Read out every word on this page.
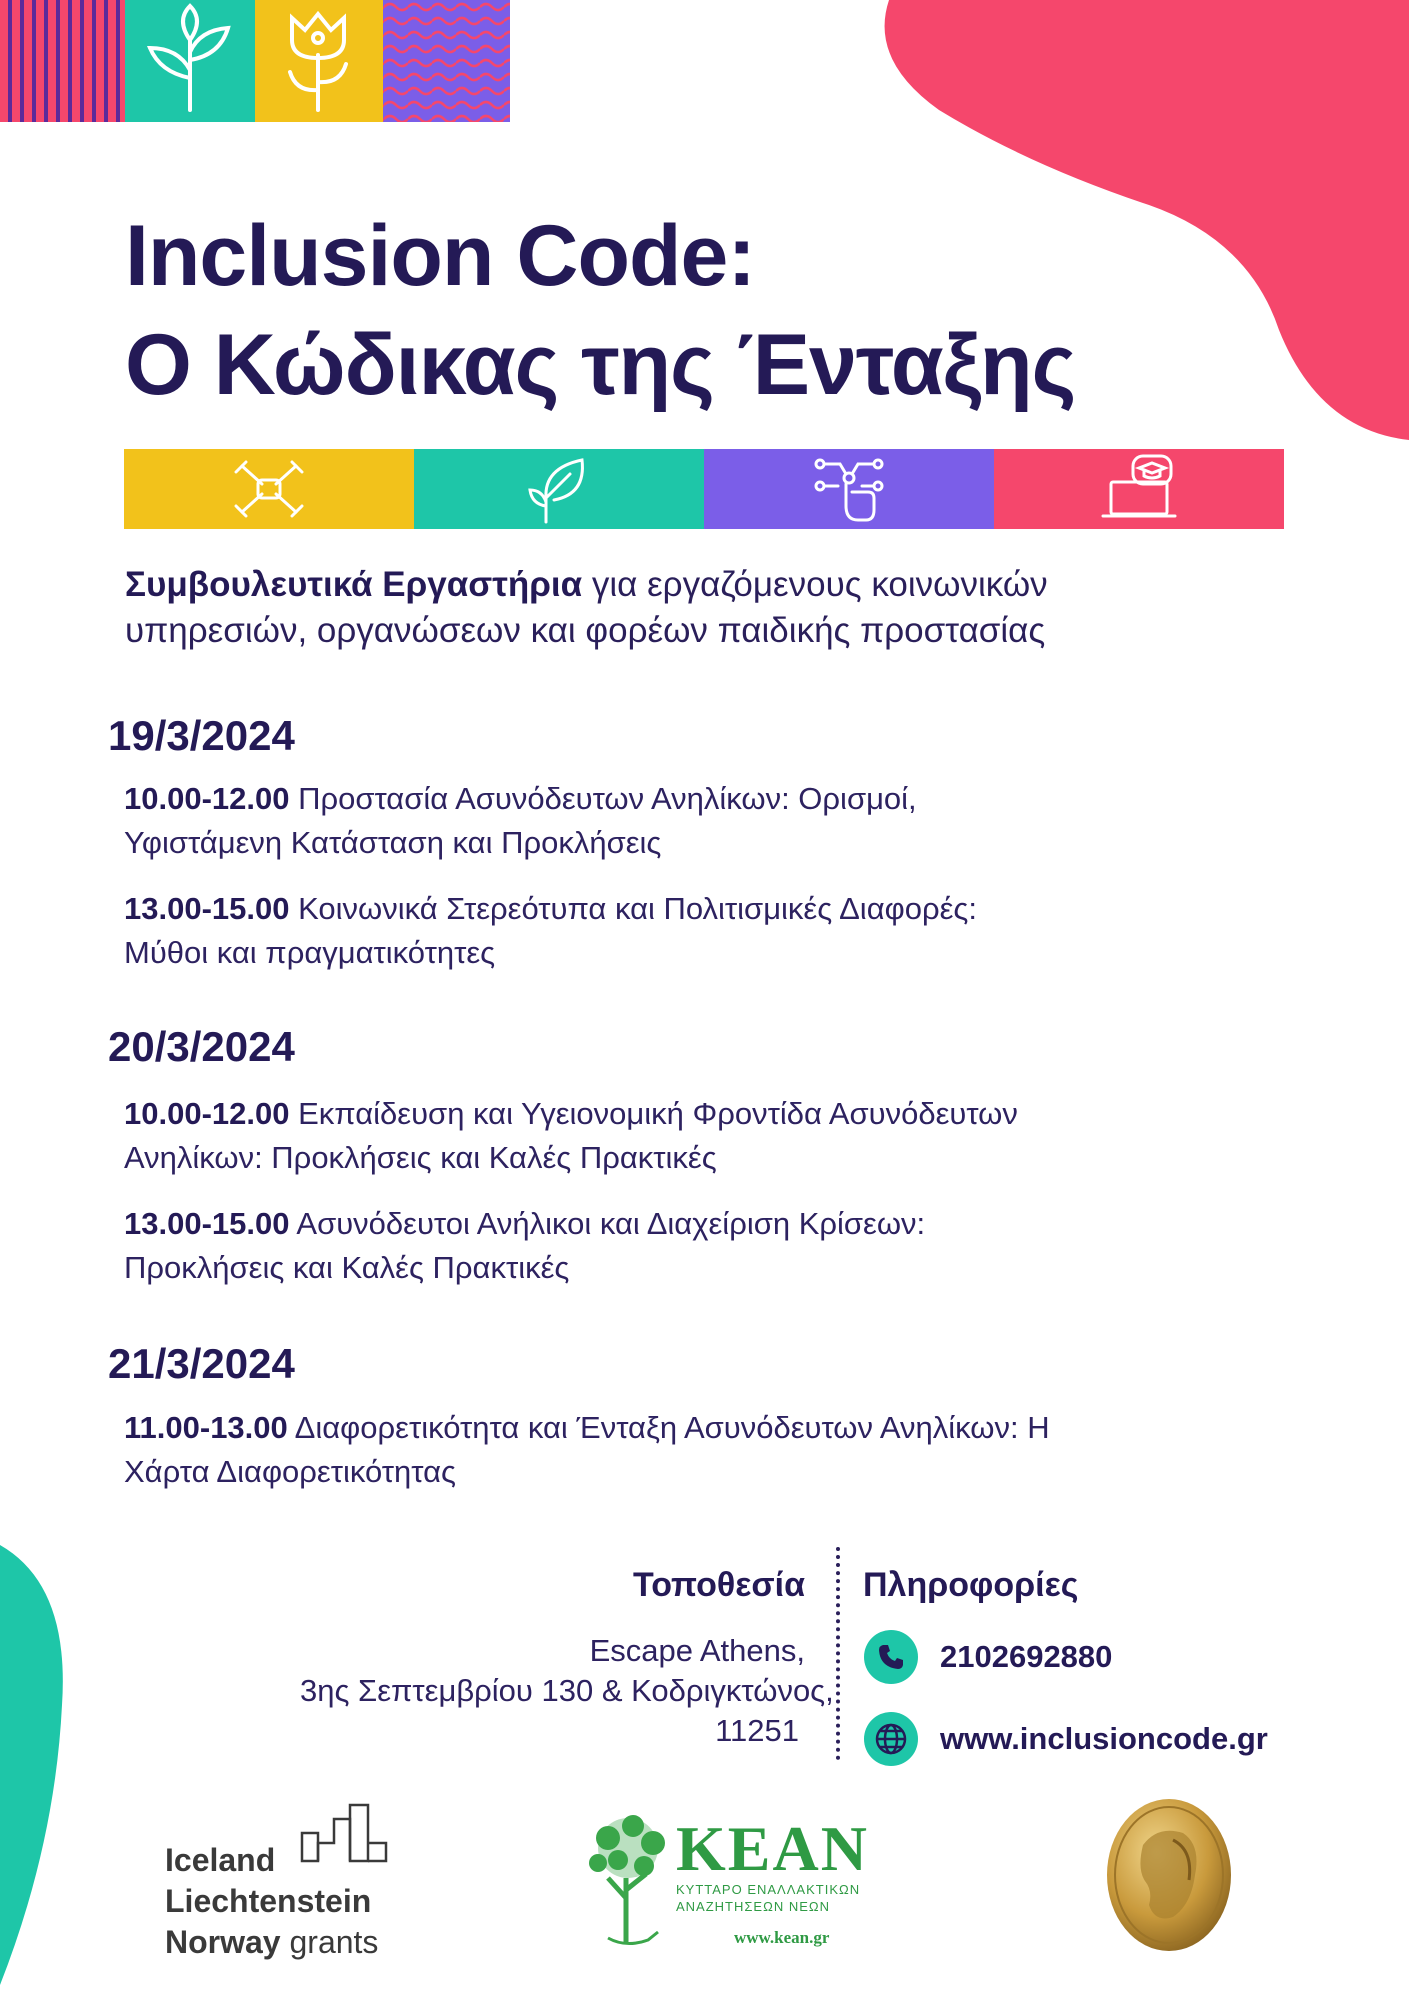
Inclusion Code:
Ο Κώδικας της Ένταξης
Συμβουλευτικά Εργαστήρια για εργαζόμενους κοινωνικών
υπηρεσιών, οργανώσεων και φορέων παιδικής προστασίας
19/3/2024
10.00-12.00 Προστασία Ασυνόδευτων Ανηλίκων: Ορισμοί,
Υφιστάμενη Κατάσταση και Προκλήσεις
13.00-15.00 Κοινωνικά Στερεότυπα και Πολιτισμικές Διαφορές:
Μύθοι και πραγματικότητες
20/3/2024
10.00-12.00 Εκπαίδευση και Υγειονομική Φροντίδα Ασυνόδευτων
Ανηλίκων: Προκλήσεις και Καλές Πρακτικές
13.00-15.00 Ασυνόδευτοι Ανήλικοι και Διαχείριση Κρίσεων:
Προκλήσεις και Καλές Πρακτικές
21/3/2024
11.00-13.00 Διαφορετικότητα και Ένταξη Ασυνόδευτων Ανηλίκων: Η
Χάρτα Διαφορετικότητας
Τοποθεσία
Escape Athens,
3ης Σεπτεμβρίου 130 & Κοδριγκτώνος,
11251
Πληροφορίες
2102692880
www.inclusioncode.gr
Iceland
Liechtenstein
Norway grants
ΚΕΑΝ
ΚΥΤΤΑΡΟ ΕΝΑΛΛΑΚΤΙΚΩΝ
ΑΝΑΖΗΤΗΣΕΩΝ ΝΕΩΝ
www.kean.gr
